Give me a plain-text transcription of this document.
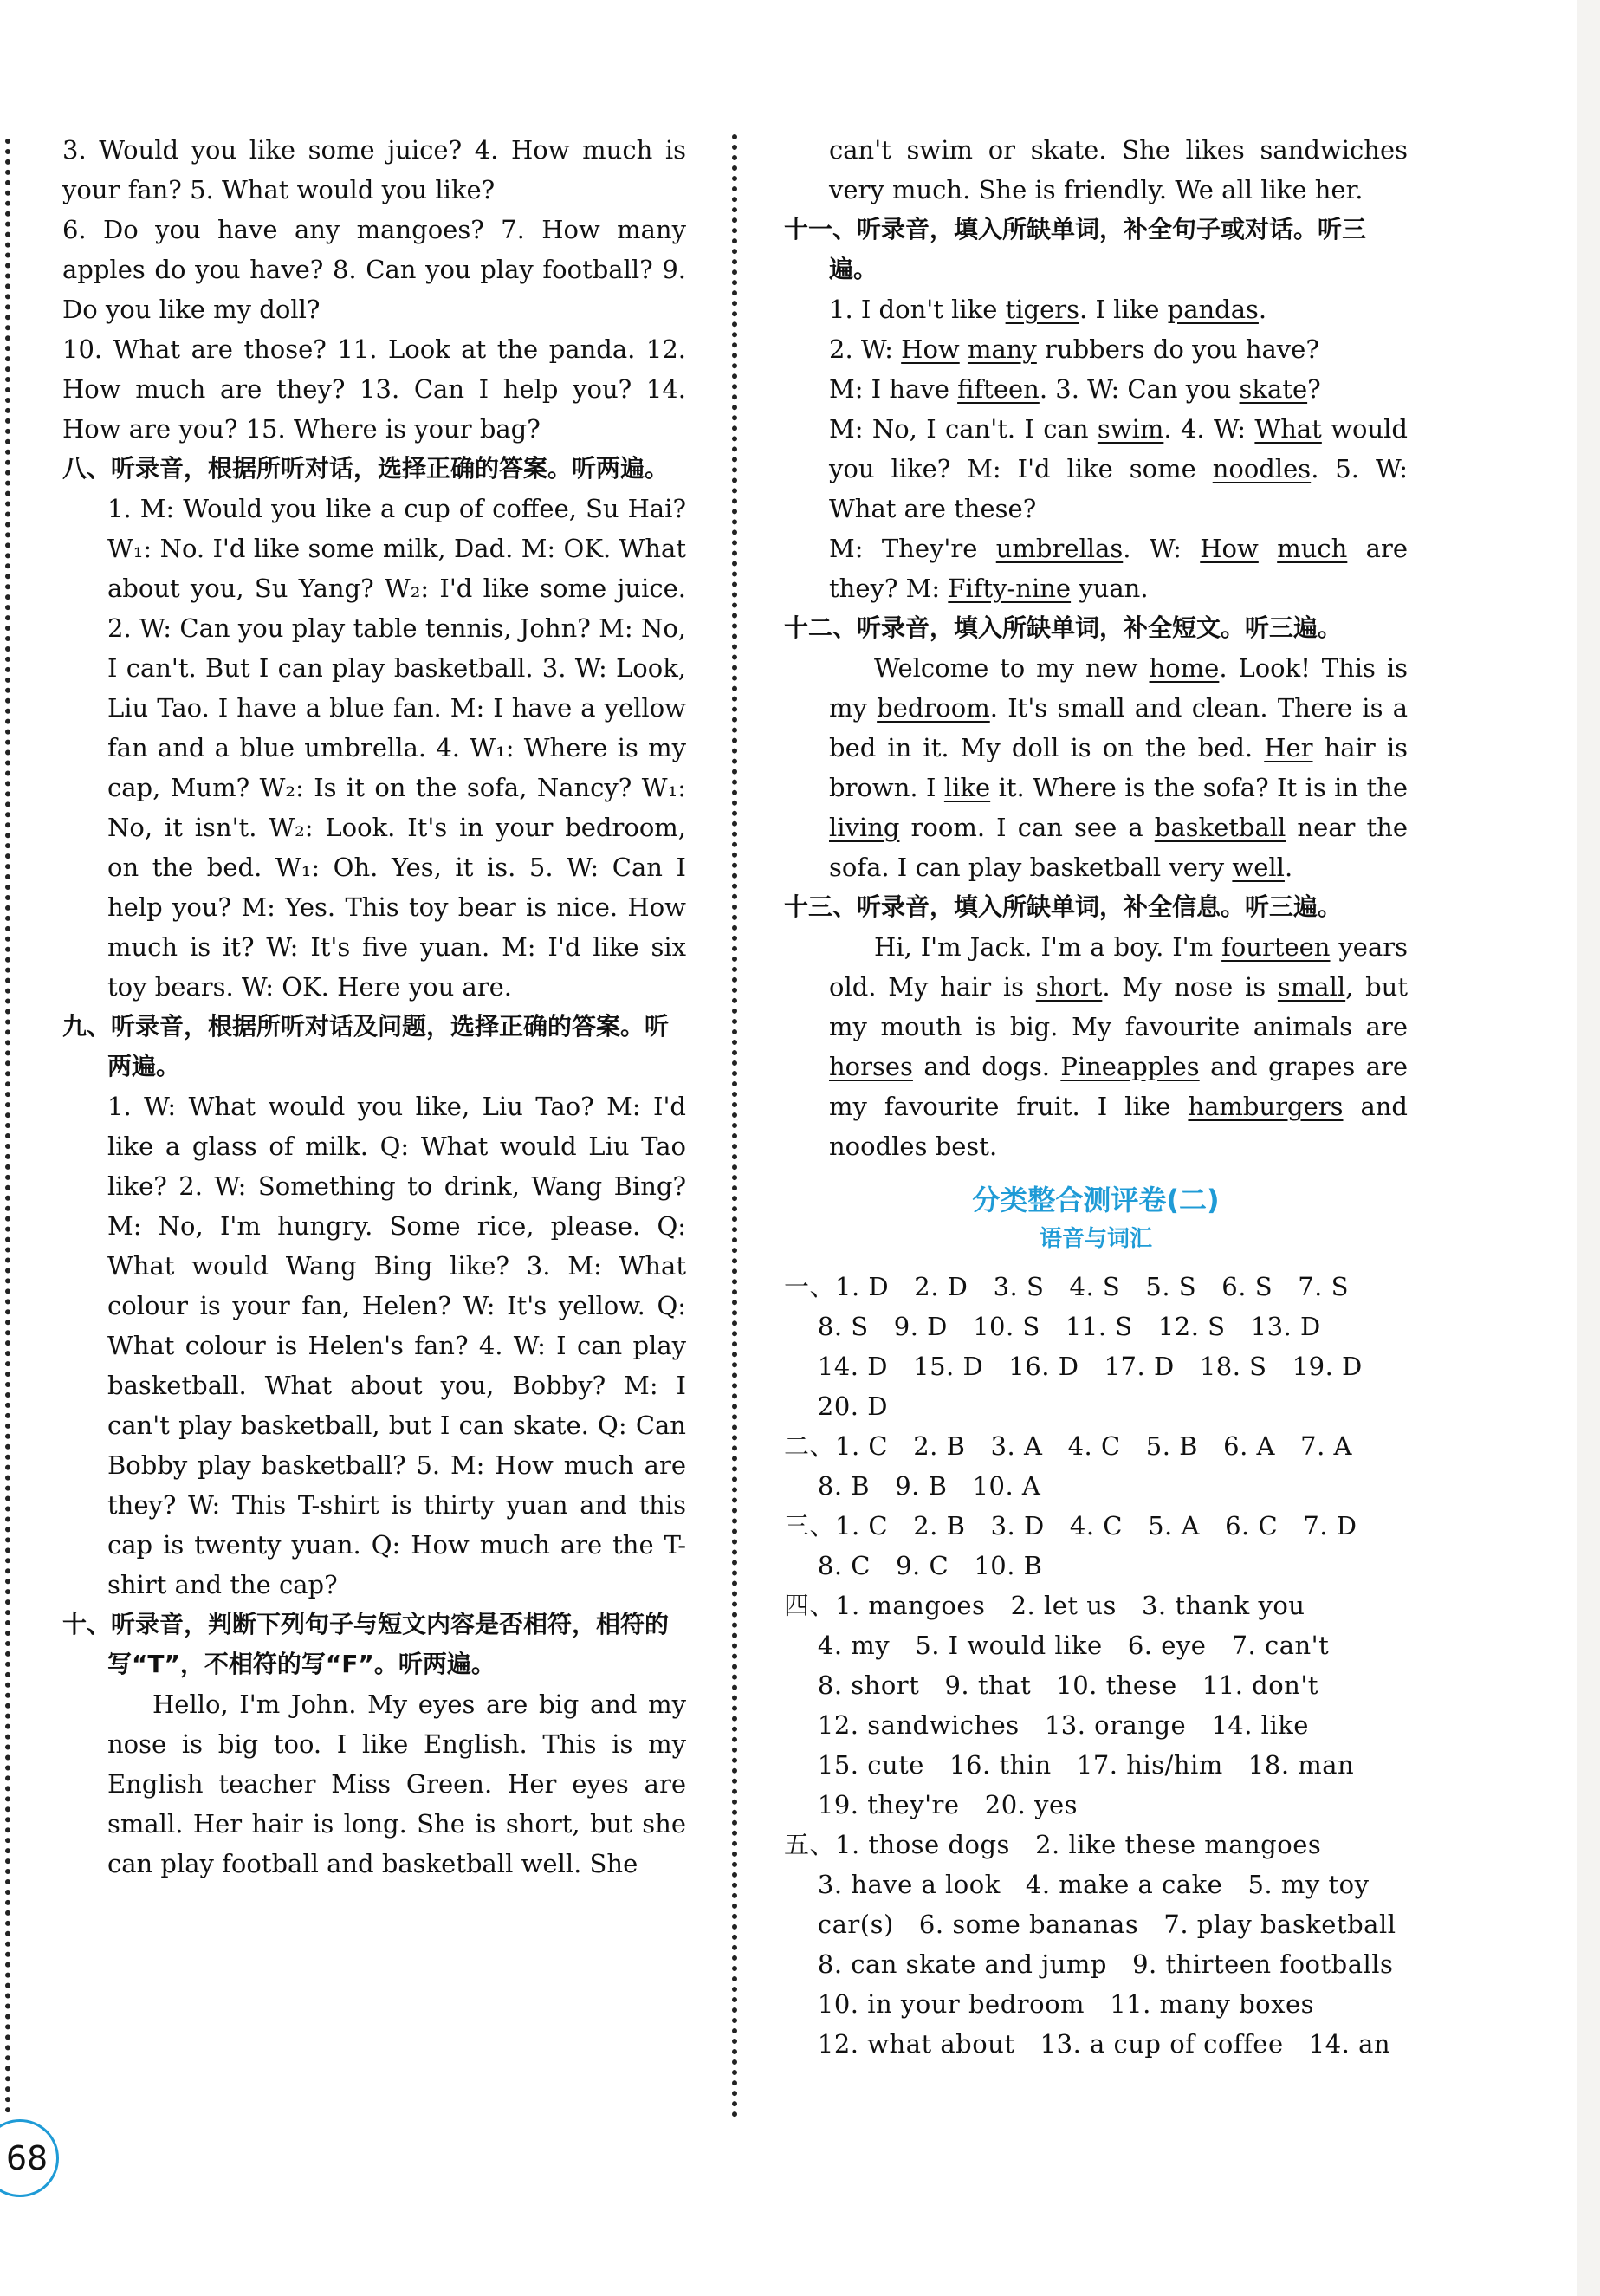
3. Would you like some juice? 4. How much is your fan? 5. What would you like?

6. Do you have any mangoes? 7. How many apples do you have? 8. Can you play football? 9. Do you like my doll?

10. What are those? 11. Look at the panda. 12. How much are they? 13. Can I help you? 14. How are you? 15. Where is your bag?

八、听录音，根据所听对话，选择正确的答案。听两遍。

1. M: Would you like a cup of coffee, Su Hai? W₁: No. I'd like some milk, Dad. M: OK. What about you, Su Yang? W₂: I'd like some juice. 2. W: Can you play table tennis, John? M: No, I can't. But I can play basketball. 3. W: Look, Liu Tao. I have a blue fan. M: I have a yellow fan and a blue umbrella. 4. W₁: Where is my cap, Mum? W₂: Is it on the sofa, Nancy? W₁: No, it isn't. W₂: Look. It's in your bedroom, on the bed. W₁: Oh. Yes, it is. 5. W: Can I help you? M: Yes. This toy bear is nice. How much is it? W: It's five yuan. M: I'd like six toy bears. W: OK. Here you are.

九、听录音，根据所听对话及问题，选择正确的答案。听两遍。

1. W: What would you like, Liu Tao? M: I'd like a glass of milk. Q: What would Liu Tao like? 2. W: Something to drink, Wang Bing? M: No, I'm hungry. Some rice, please. Q: What would Wang Bing like? 3. M: What colour is your fan, Helen? W: It's yellow. Q: What colour is Helen's fan? 4. W: I can play basketball. What about you, Bobby? M: I can't play basketball, but I can skate. Q: Can Bobby play basketball? 5. M: How much are they? W: This T-shirt is thirty yuan and this cap is twenty yuan. Q: How much are the T-shirt and the cap?

十、听录音，判断下列句子与短文内容是否相符，相符的写“T”，不相符的写“F”。听两遍。

Hello, I'm John. My eyes are big and my nose is big too. I like English. This is my English teacher Miss Green. Her eyes are small. Her hair is long. She is short, but she can play football and basketball well. She

can't swim or skate. She likes sandwiches very much. She is friendly. We all like her.

十一、听录音，填入所缺单词，补全句子或对话。听三遍。

1. I don't like tigers. I like pandas.
2. W: How many rubbers do you have?
M: I have fifteen. 3. W: Can you skate?
M: No, I can't. I can swim. 4. W: What would you like? M: I'd like some noodles. 5. W: What are these?
M: They're umbrellas. W: How much are they? M: Fifty-nine yuan.

十二、听录音，填入所缺单词，补全短文。听三遍。

Welcome to my new home. Look! This is my bedroom. It's small and clean. There is a bed in it. My doll is on the bed. Her hair is brown. I like it. Where is the sofa? It is in the living room. I can see a basketball near the sofa. I can play basketball very well.

十三、听录音，填入所缺单词，补全信息。听三遍。

Hi, I'm Jack. I'm a boy. I'm fourteen years old. My hair is short. My nose is small, but my mouth is big. My favourite animals are horses and dogs. Pineapples and grapes are my favourite fruit. I like hamburgers and noodles best.

分类整合测评卷(二)
语音与词汇

一、1. D   2. D   3. S   4. S   5. S   6. S   7. S

8. S   9. D   10. S   11. S   12. S   13. D

14. D   15. D   16. D   17. D   18. S   19. D

20. D

二、1. C   2. B   3. A   4. C   5. B   6. A   7. A

8. B   9. B   10. A

三、1. C   2. B   3. D   4. C   5. A   6. C   7. D

8. C   9. C   10. B

四、1. mangoes   2. let us   3. thank you

4. my   5. I would like   6. eye   7. can't

8. short   9. that   10. these   11. don't

12. sandwiches   13. orange   14. like

15. cute   16. thin   17. his/him   18. man

19. they're   20. yes

五、1. those dogs   2. like these mangoes

3. have a look   4. make a cake   5. my toy

car(s)   6. some bananas   7. play basketball

8. can skate and jump   9. thirteen footballs

10. in your bedroom   11. many boxes

12. what about   13. a cup of coffee   14. an

68
